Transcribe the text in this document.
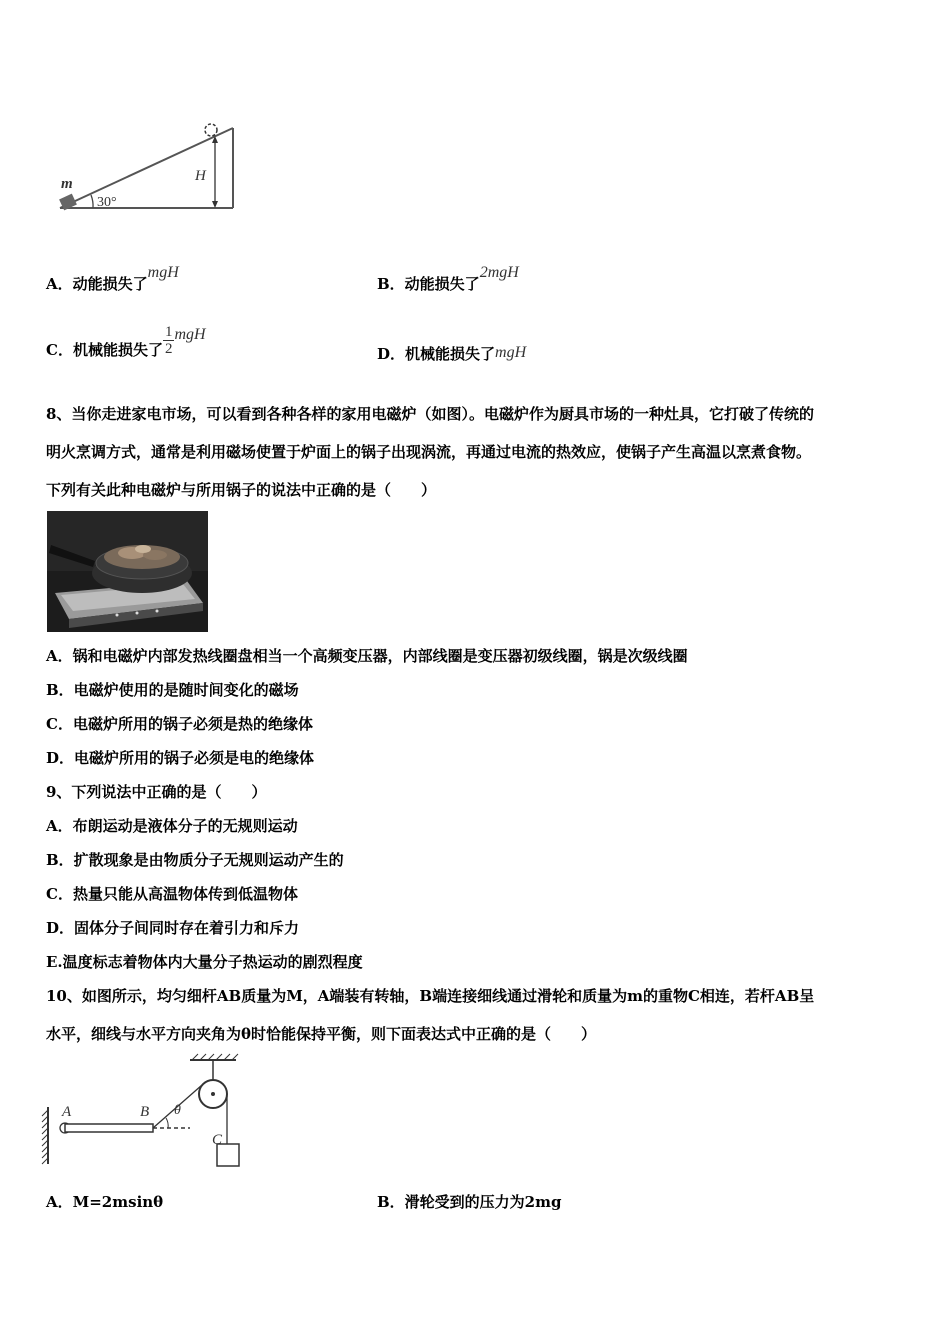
m
30°
H
A．动能损失了mgH
B．动能损失了2mgH
C．机械能损失了 $\frac{1}{2}$ mgH
D．机械能损失了mgH
8、当你走进家电市场，可以看到各种各样的家用电磁炉（如图）。电磁炉作为厨具市场的一种灶具，它打破了传统的
明火烹调方式，通常是利用磁场使置于炉面上的锅子出现涡流，再通过电流的热效应，使锅子产生高温以烹煮食物。
下列有关此种电磁炉与所用锅子的说法中正确的是（　　）
A．锅和电磁炉内部发热线圈盘相当一个高频变压器，内部线圈是变压器初级线圈，锅是次级线圈
B．电磁炉使用的是随时间变化的磁场
C．电磁炉所用的锅子必须是热的绝缘体
D．电磁炉所用的锅子必须是电的绝缘体
9、下列说法中正确的是（　　）
A．布朗运动是液体分子的无规则运动
B．扩散现象是由物质分子无规则运动产生的
C．热量只能从高温物体传到低温物体
D．固体分子间同时存在着引力和斥力
E.温度标志着物体内大量分子热运动的剧烈程度
10、如图所示，均匀细杆AB质量为M，A端装有转轴，B端连接细线通过滑轮和质量为m的重物C相连，若杆AB呈
水平，细线与水平方向夹角为θ时恰能保持平衡，则下面表达式中正确的是（　　）
A	B θ
C
A．M=2msinθ	B．滑轮受到的压力为2mg
